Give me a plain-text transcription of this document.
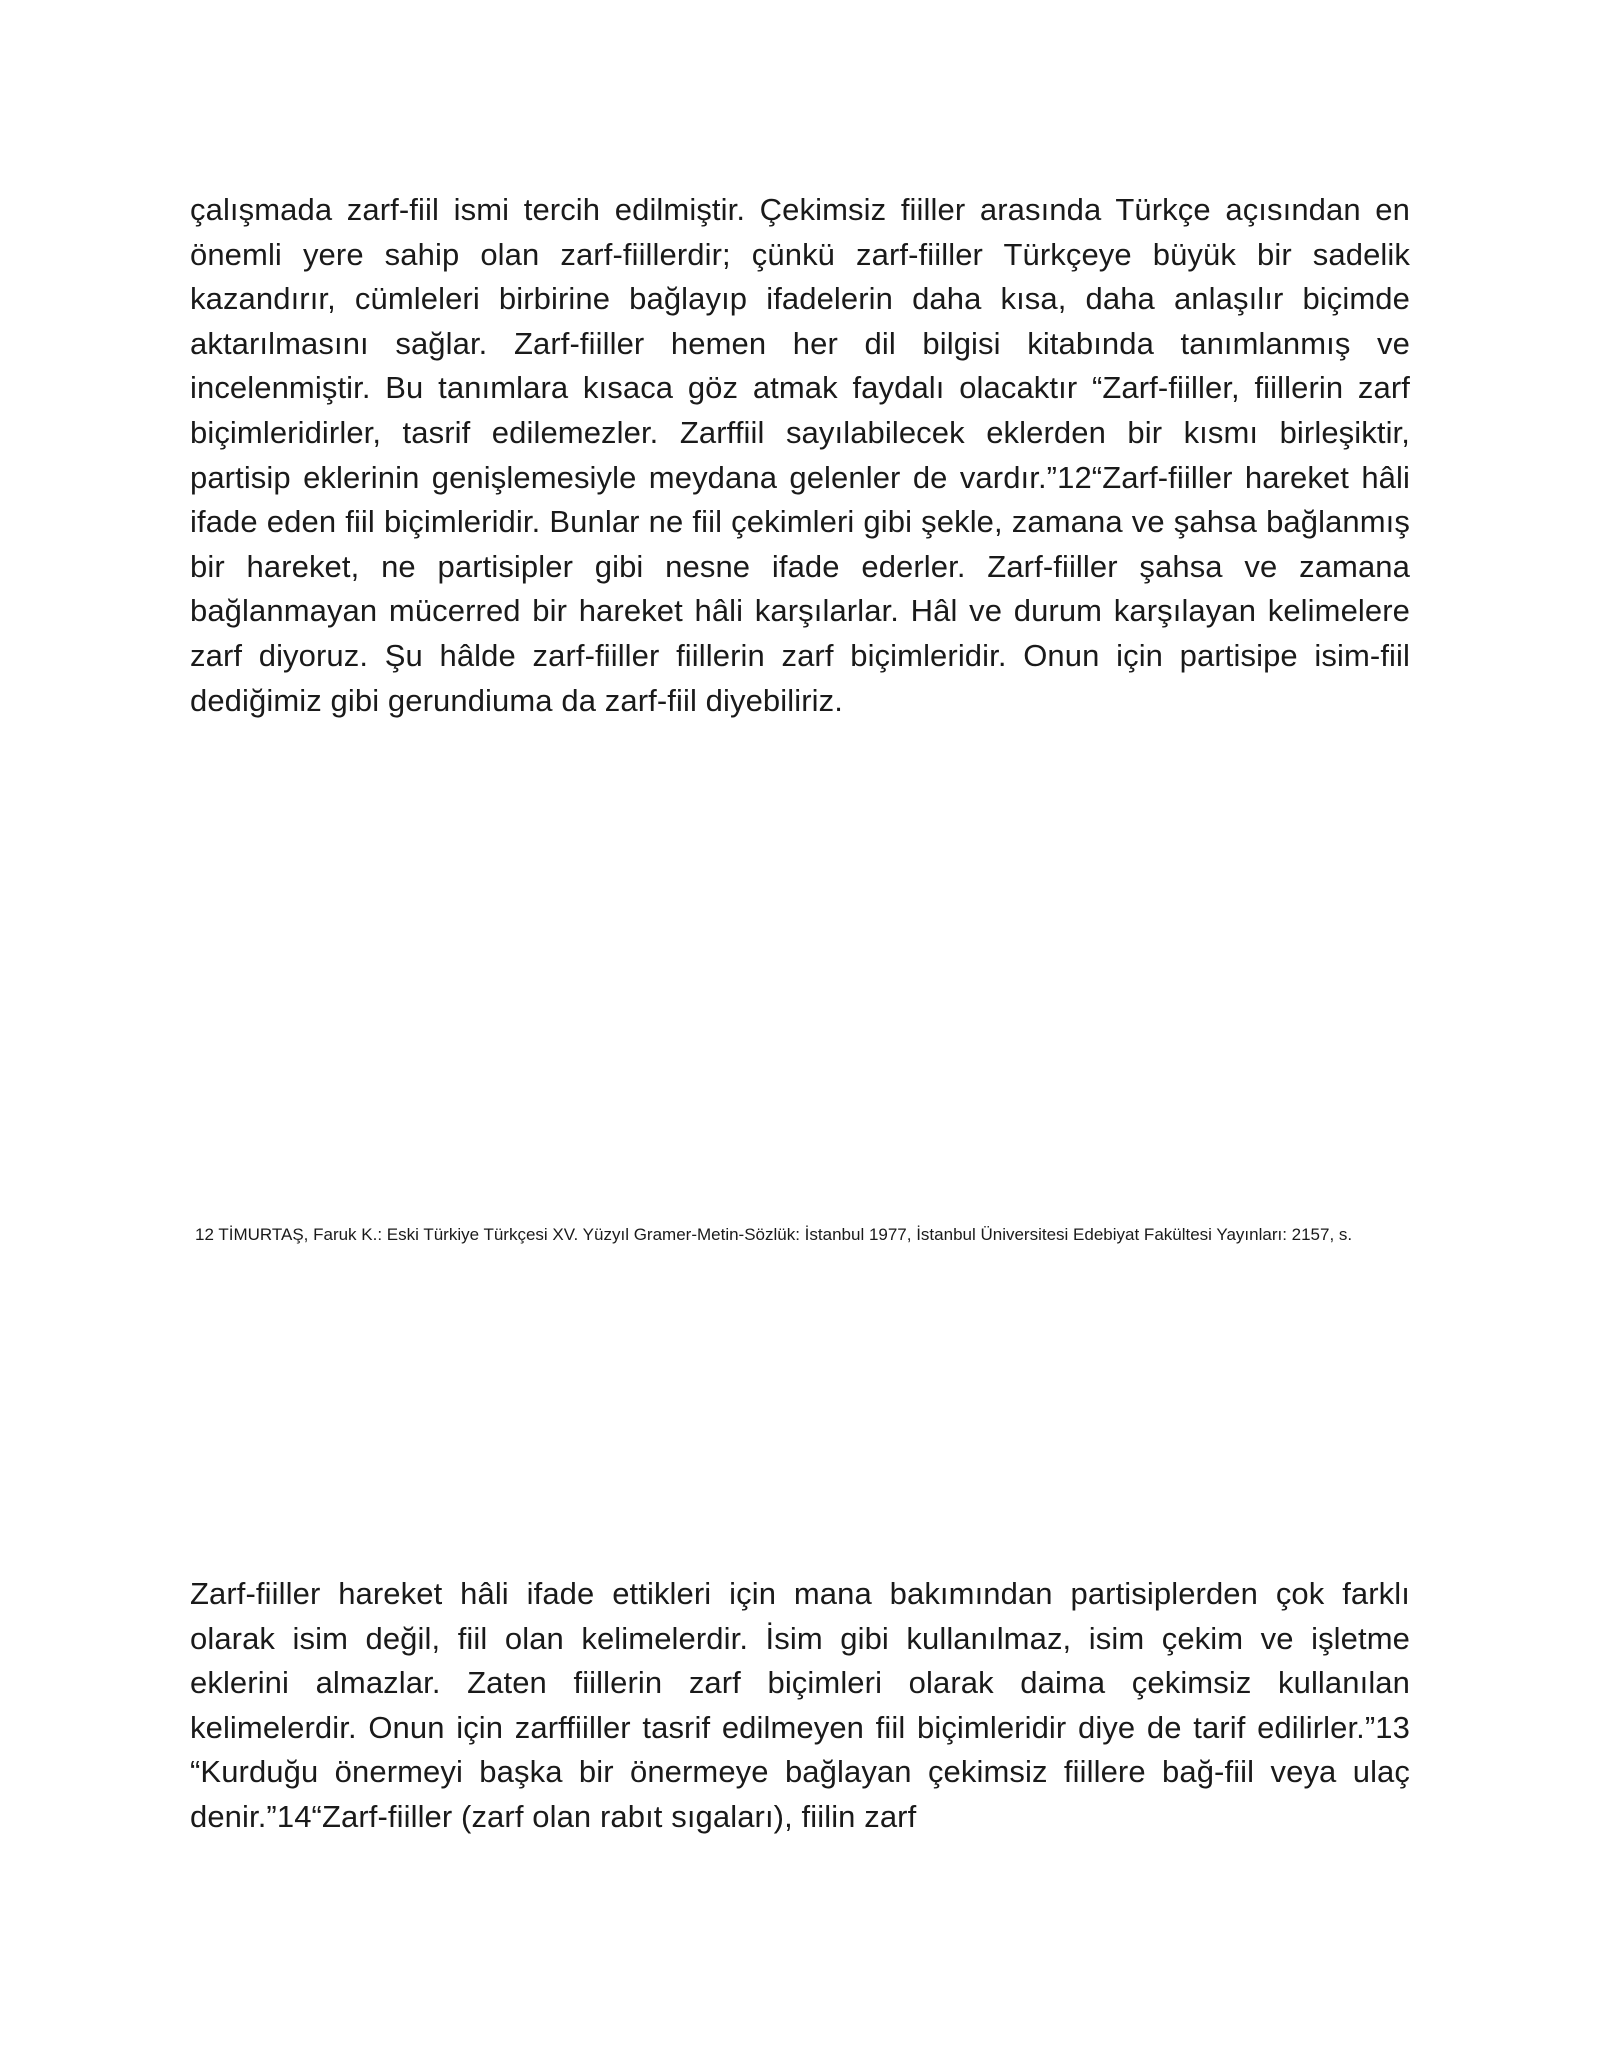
çalışmada zarf-fiil ismi tercih edilmiştir. Çekimsiz fiiller arasında Türkçe açısından en önemli yere sahip olan zarf-fiillerdir; çünkü zarf-fiiller Türkçeye büyük bir sadelik kazandırır, cümleleri birbirine bağlayıp ifadelerin daha kısa, daha anlaşılır biçimde aktarılmasını sağlar. Zarf-fiiller hemen her dil bilgisi kitabında tanımlanmış ve incelenmiştir. Bu tanımlara kısaca göz atmak faydalı olacaktır “Zarf-fiiller, fiillerin zarf biçimleridirler, tasrif edilemezler. Zarffiil sayılabilecek eklerden bir kısmı birleşiktir, partisip eklerinin genişlemesiyle meydana gelenler de vardır.”12“Zarf-fiiller hareket hâli ifade eden fiil biçimleridir. Bunlar ne fiil çekimleri gibi şekle, zamana ve şahsa bağlanmış bir hareket, ne partisipler gibi nesne ifade ederler. Zarf-fiiller şahsa ve zamana bağlanmayan mücerred bir hareket hâli karşılarlar. Hâl ve durum karşılayan kelimelere zarf diyoruz. Şu hâlde zarf-fiiller fiillerin zarf biçimleridir. Onun için partisipe isim-fiil dediğimiz gibi gerundiuma da zarf-fiil diyebiliriz.

12 TİMURTAŞ, Faruk K.: Eski Türkiye Türkçesi XV. Yüzyıl Gramer-Metin-Sözlük: İstanbul 1977, İstanbul Üniversitesi Edebiyat Fakültesi Yayınları: 2157, s.

Zarf-fiiller hareket hâli ifade ettikleri için mana bakımından partisiplerden çok farklı olarak isim değil, fiil olan kelimelerdir. İsim gibi kullanılmaz, isim çekim ve işletme eklerini almazlar. Zaten fiillerin zarf biçimleri olarak daima çekimsiz kullanılan kelimelerdir. Onun için zarffiiller tasrif edilmeyen fiil biçimleridir diye de tarif edilirler.”13 “Kurduğu önermeyi başka bir önermeye bağlayan çekimsiz fiillere bağ-fiil veya ulaç denir.”14“Zarf-fiiller (zarf olan rabıt sıgaları), fiilin zarf
